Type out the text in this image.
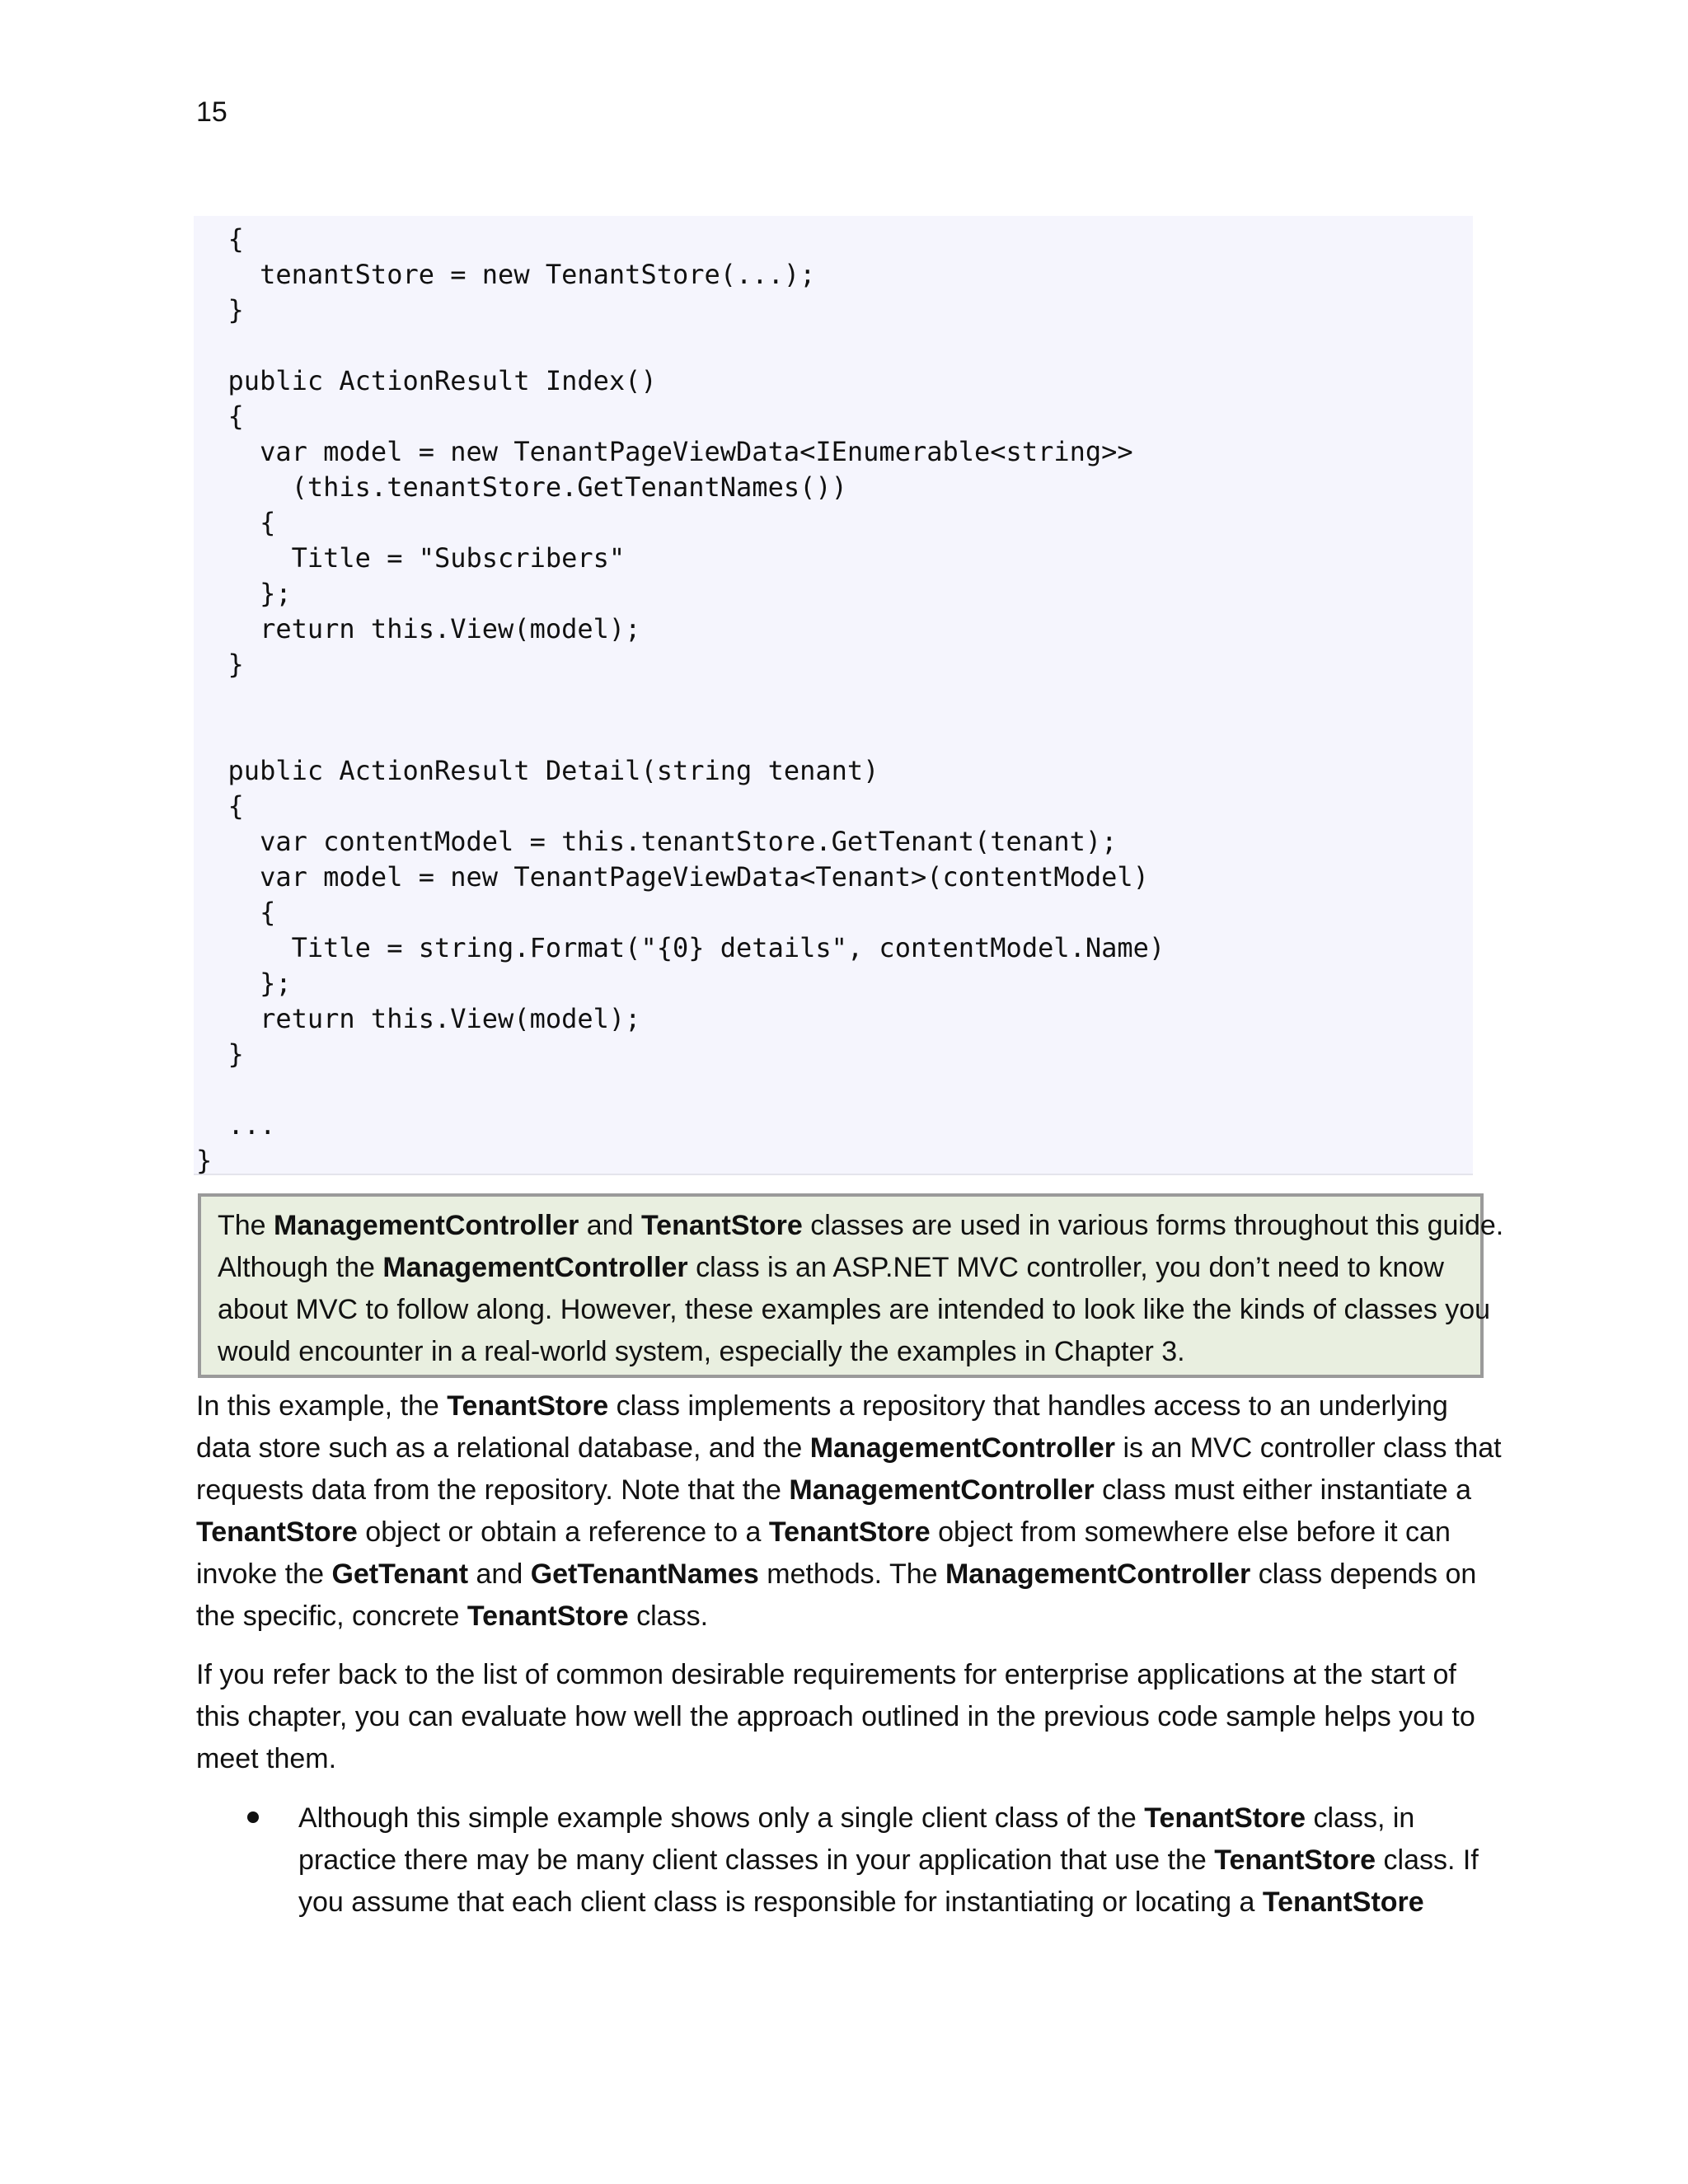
15
{
tenantStore = new TenantStore(...);
}
public ActionResult Index()
{
var model = new TenantPageViewData<IEnumerable<string>>
(this.tenantStore.GetTenantNames())
{
Title = "Subscribers"
};
return this.View(model);
}
public ActionResult Detail(string tenant)
{
var contentModel = this.tenantStore.GetTenant(tenant);
var model = new TenantPageViewData<Tenant>(contentModel)
{
Title = string.Format("{0} details", contentModel.Name)
};
return this.View(model);
}
...
}
The ManagementController and TenantStore classes are used in various forms throughout this guide.
Although the ManagementController class is an ASP.NET MVC controller, you don’t need to know
about MVC to follow along. However, these examples are intended to look like the kinds of classes you
would encounter in a real-world system, especially the examples in Chapter 3.
In this example, the TenantStore class implements a repository that handles access to an underlying
data store such as a relational database, and the ManagementController is an MVC controller class that
requests data from the repository. Note that the ManagementController class must either instantiate a
TenantStore object or obtain a reference to a TenantStore object from somewhere else before it can
invoke the GetTenant and GetTenantNames methods. The ManagementController class depends on
the specific, concrete TenantStore class.
If you refer back to the list of common desirable requirements for enterprise applications at the start of
this chapter, you can evaluate how well the approach outlined in the previous code sample helps you to
meet them.
Although this simple example shows only a single client class of the TenantStore class, in
practice there may be many client classes in your application that use the TenantStore class. If
you assume that each client class is responsible for instantiating or locating a TenantStore
